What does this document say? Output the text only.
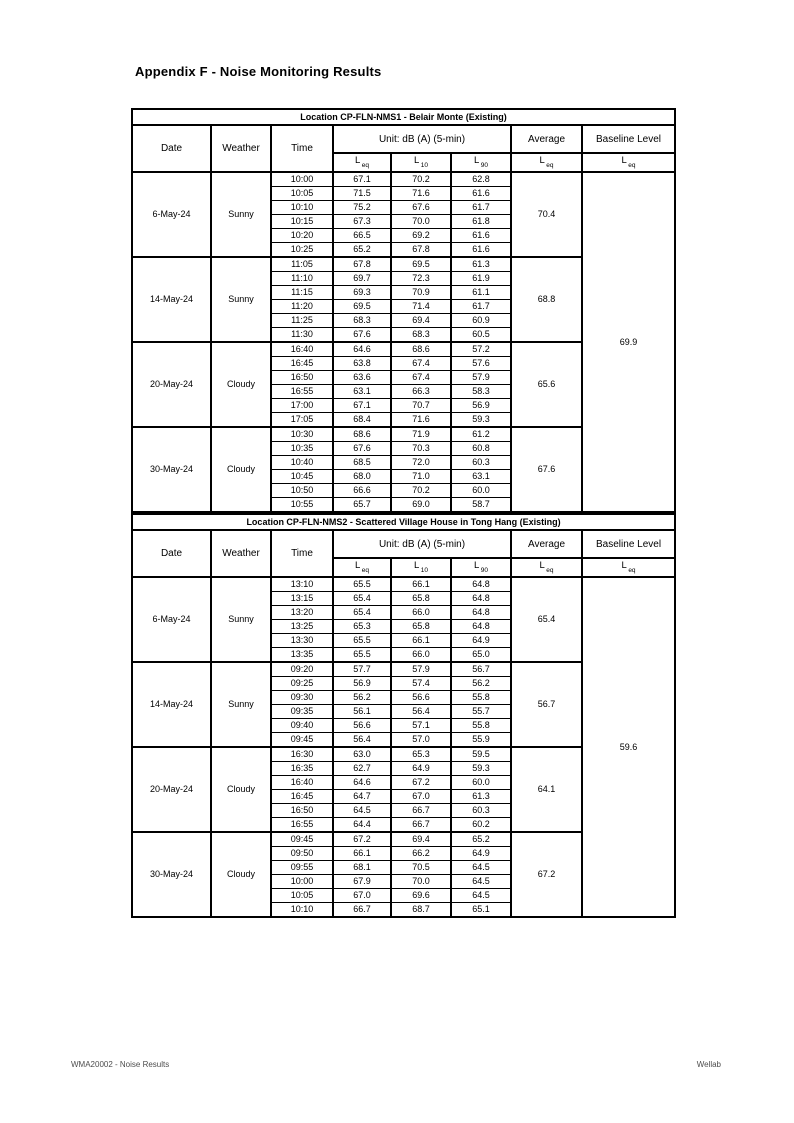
Appendix F - Noise Monitoring Results
Location CP-FLN-NMS1 - Belair Monte (Existing)							
Date	Weather	Time	Unit: dB (A) (5-min)			Average	Baseline Level
			L $_{eq}$	L $_{10}$	L $_{90}$	L $_{eq}$	L $_{eq}$
6-May-24	Sunny	10:00	67.1	70.2	62.8	70.4	69.9
		10:05	71.5	71.6	61.6		
		10:10	75.2	67.6	61.7		
		10:15	67.3	70.0	61.8		
		10:20	66.5	69.2	61.6		
		10:25	65.2	67.8	61.6		
14-May-24	Sunny	11:05	67.8	69.5	61.3	68.8	
		11:10	69.7	72.3	61.9		
		11:15	69.3	70.9	61.1		
		11:20	69.5	71.4	61.7		
		11:25	68.3	69.4	60.9		
		11:30	67.6	68.3	60.5		
20-May-24	Cloudy	16:40	64.6	68.6	57.2	65.6	
		16:45	63.8	67.4	57.6		
		16:50	63.6	67.4	57.9		
		16:55	63.1	66.3	58.3		
		17:00	67.1	70.7	56.9		
		17:05	68.4	71.6	59.3		
30-May-24	Cloudy	10:30	68.6	71.9	61.2	67.6	
		10:35	67.6	70.3	60.8		
		10:40	68.5	72.0	60.3		
		10:45	68.0	71.0	63.1		
		10:50	66.6	70.2	60.0		
		10:55	65.7	69.0	58.7		
Location CP-FLN-NMS2 - Scattered Village House in Tong Hang (Existing)							
Date	Weather	Time	Unit: dB (A) (5-min)			Average	Baseline Level
			L $_{eq}$	L $_{10}$	L $_{90}$	L $_{eq}$	L $_{eq}$
6-May-24	Sunny	13:10	65.5	66.1	64.8	65.4	59.6
		13:15	65.4	65.8	64.8		
		13:20	65.4	66.0	64.8		
		13:25	65.3	65.8	64.8		
		13:30	65.5	66.1	64.9		
		13:35	65.5	66.0	65.0		
14-May-24	Sunny	09:20	57.7	57.9	56.7	56.7	
		09:25	56.9	57.4	56.2		
		09:30	56.2	56.6	55.8		
		09:35	56.1	56.4	55.7		
		09:40	56.6	57.1	55.8		
		09:45	56.4	57.0	55.9		
20-May-24	Cloudy	16:30	63.0	65.3	59.5	64.1	
		16:35	62.7	64.9	59.3		
		16:40	64.6	67.2	60.0		
		16:45	64.7	67.0	61.3		
		16:50	64.5	66.7	60.3		
		16:55	64.4	66.7	60.2		
30-May-24	Cloudy	09:45	67.2	69.4	65.2	67.2	
		09:50	66.1	66.2	64.9		
		09:55	68.1	70.5	64.5		
		10:00	67.9	70.0	64.5		
		10:05	67.0	69.6	64.5		
		10:10	66.7	68.7	65.1		
WMA20002 - Noise Results	Wellab
